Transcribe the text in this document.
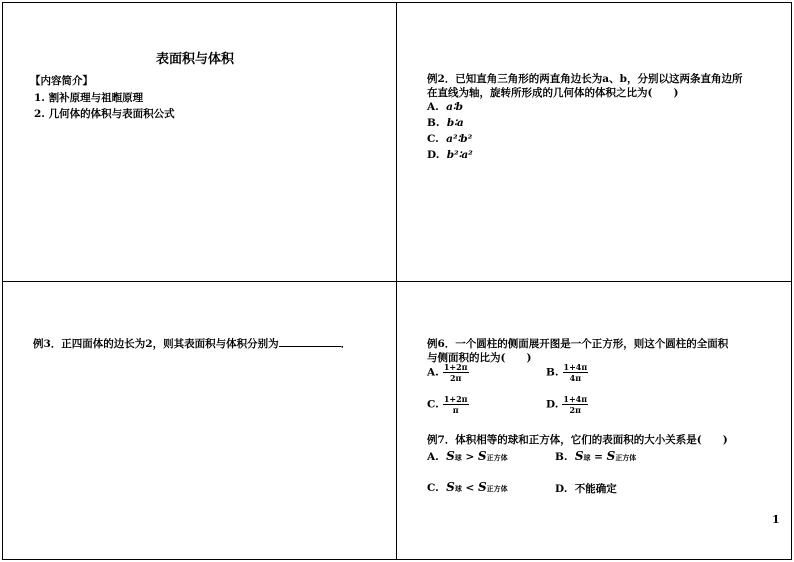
表面积与体积
【内容简介】
1. 割补原理与祖暅原理
2. 几何体的体积与表面积公式
例2．已知直角三角形的两直角边长为a、b，分别以这两条直角边所
在直线为轴，旋转所形成的几何体的体积之比为(　　)
A. a∶b
B. b∶a
C. a²∶b²
D. b²∶a²
例3．正四面体的边长为2，则其表面积与体积分别为	．	例6．一个圆柱的侧面展开图是一个正方形，则这个圆柱的全面积
与侧面积的比为(　　)
A. $\frac{1+2\pi}{2\pi}$	B. $\frac{1+4\pi}{4\pi}$
C. $\frac{1+2\pi}{\pi}$	D. $\frac{1+4\pi}{2\pi}$
例7．体积相等的球和正方体，它们的表面积的大小关系是(　　)
A. S球 > S正方体	B. S球 = S正方体
C. S球 < S正方体	D. 不能确定
1
